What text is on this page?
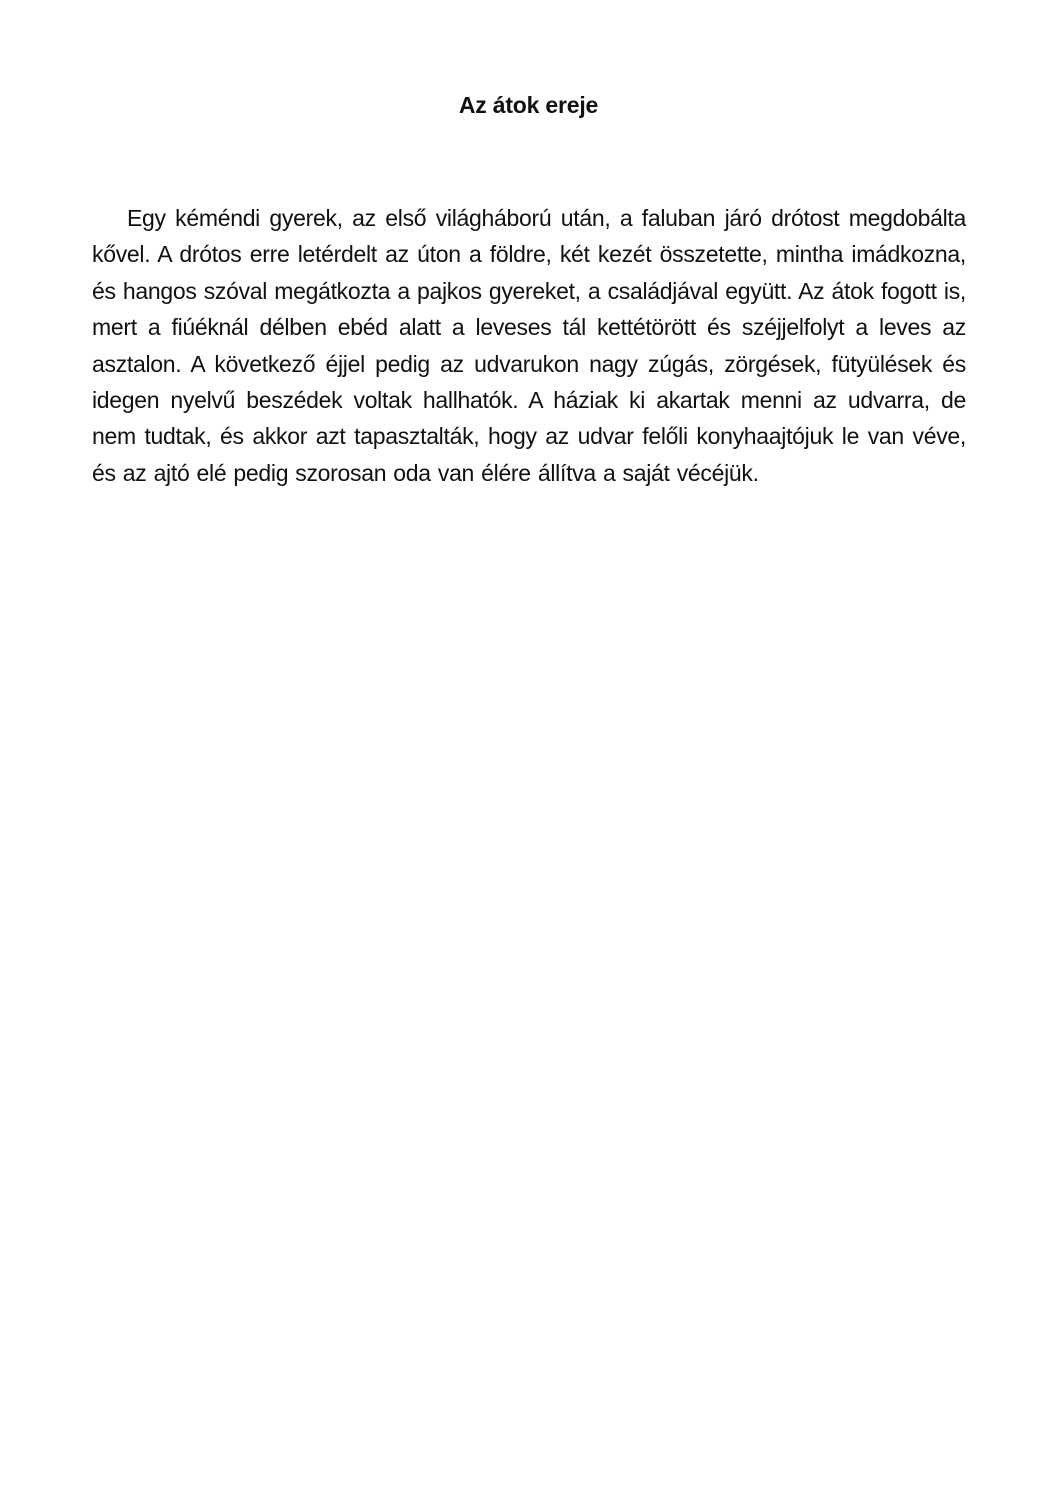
Az átok ereje

Egy kéméndi gyerek, az első világháború után, a faluban járó drótost megdobálta kővel. A drótos erre letérdelt az úton a földre, két kezét összetette, mintha imádkozna, és hangos szóval megátkozta a pajkos gyereket, a családjával együtt. Az átok fogott is, mert a fiúéknál délben ebéd alatt a leveses tál kettétörött és széjjelfolyt a leves az asztalon. A következő éjjel pedig az udvarukon nagy zúgás, zörgések, fütyülések és idegen nyelvű beszédek voltak hallhatók. A háziak ki akartak menni az udvarra, de nem tudtak, és akkor azt tapasztalták, hogy az udvar felőli konyhaajtójuk le van véve, és az ajtó elé pedig szorosan oda van élére állítva a saját vécéjük.
